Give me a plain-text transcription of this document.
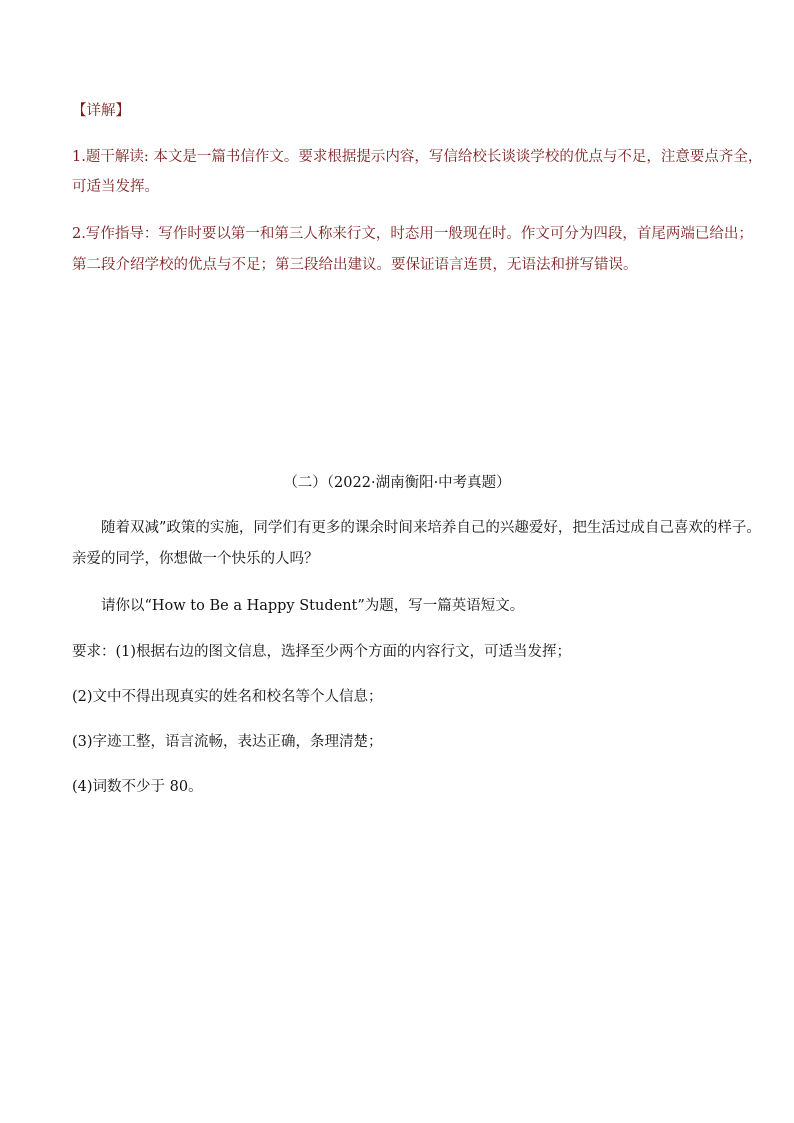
【详解】

1.题干解读: 本文是一篇书信作文。要求根据提示内容，写信给校长谈谈学校的优点与不足，注意要点齐全，

可适当发挥。

2.写作指导：写作时要以第一和第三人称来行文，时态用一般现在时。作文可分为四段，首尾两端已给出；

第二段介绍学校的优点与不足；第三段给出建议。要保证语言连贯，无语法和拼写错误。

（二）（2022·湖南衡阳·中考真题）

随着双减”政策的实施，同学们有更多的课余时间来培养自己的兴趣爱好，把生活过成自己喜欢的样子。

亲爱的同学，你想做一个快乐的人吗？

请你以“How to Be a Happy Student”为题，写一篇英语短文。

要求：(1)根据右边的图文信息，选择至少两个方面的内容行文，可适当发挥；

(2)文中不得出现真实的姓名和校名等个人信息；

(3)字迹工整，语言流畅，表达正确，条理清楚；

(4)词数不少于 80。
